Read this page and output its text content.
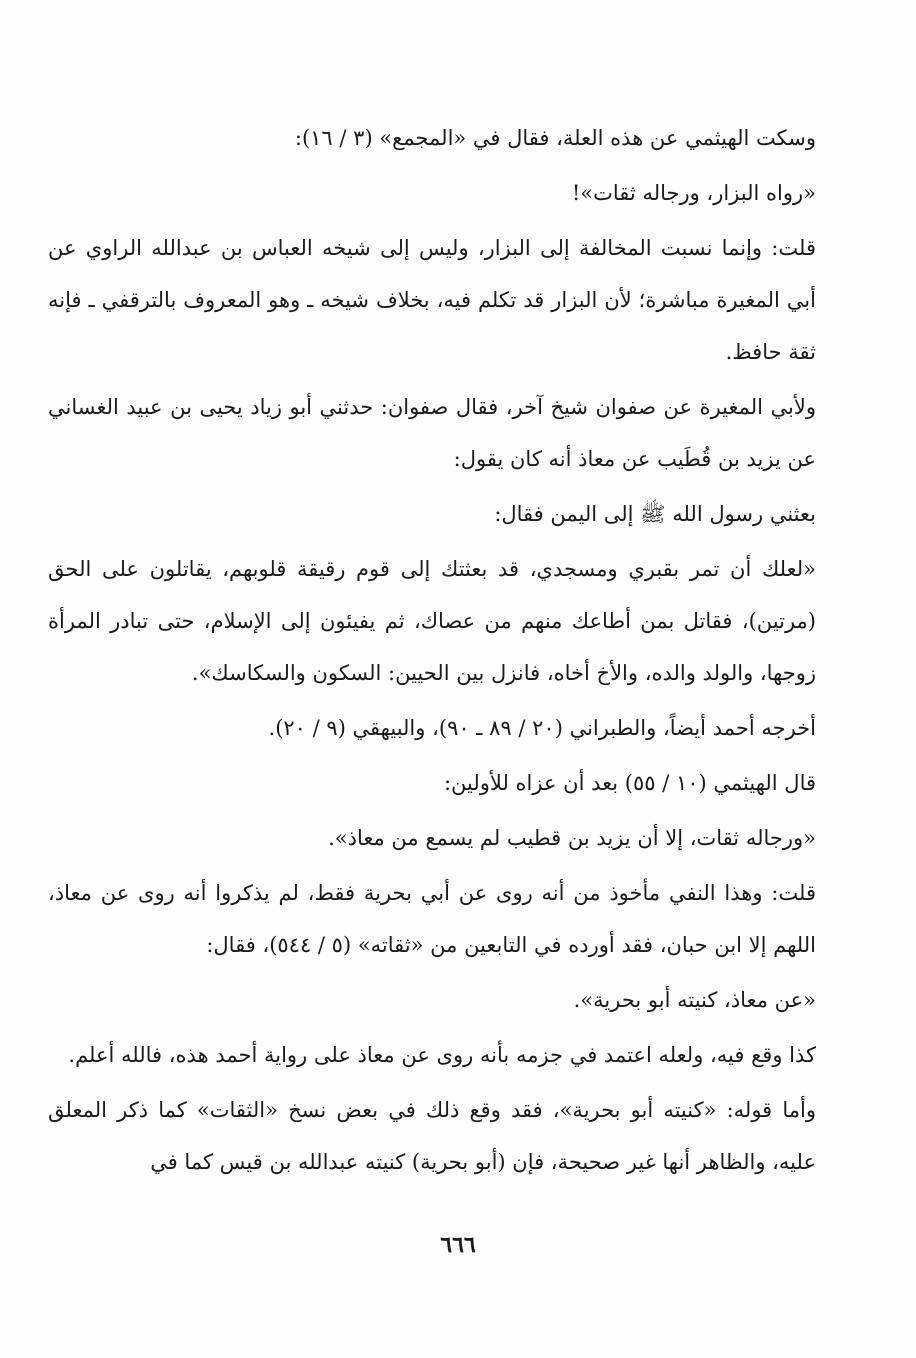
وسكت الهيثمي عن هذه العلة، فقال في «المجمع» (٣ / ١٦):

«رواه البزار، ورجاله ثقات»!

قلت: وإنما نسبت المخالفة إلى البزار، وليس إلى شيخه العباس بن عبدالله الراوي عن أبي المغيرة مباشرة؛ لأن البزار قد تكلم فيه، بخلاف شيخه ـ وهو المعروف بالترقفي ـ فإنه ثقة حافظ.

ولأبي المغيرة عن صفوان شيخ آخر، فقال صفوان: حدثني أبو زياد يحيى بن عبيد الغساني عن يزيد بن قُطَيب عن معاذ أنه كان يقول:

بعثني رسول الله ﷺ إلى اليمن فقال:

«لعلك أن تمر بقبري ومسجدي، قد بعثتك إلى قوم رقيقة قلوبهم، يقاتلون على الحق (مرتين)، فقاتل بمن أطاعك منهم من عصاك، ثم يفيئون إلى الإسلام، حتى تبادر المرأة زوجها، والولد والده، والأخ أخاه، فانزل بين الحيين: السكون والسكاسك».

أخرجه أحمد أيضاً، والطبراني (٢٠ / ٨٩ ـ ٩٠)، والبيهقي (٩ / ٢٠).

قال الهيثمي (١٠ / ٥٥) بعد أن عزاه للأولين:

«ورجاله ثقات، إلا أن يزيد بن قطيب لم يسمع من معاذ».

قلت: وهذا النفي مأخوذ من أنه روى عن أبي بحرية فقط، لم يذكروا أنه روى عن معاذ، اللهم إلا ابن حبان، فقد أورده في التابعين من «ثقاته» (٥ / ٥٤٤)، فقال:

«عن معاذ، كنيته أبو بحرية».

كذا وقع فيه، ولعله اعتمد في جزمه بأنه روى عن معاذ على رواية أحمد هذه، فالله أعلم.

وأما قوله: «كنيته أبو بحرية»، فقد وقع ذلك في بعض نسخ «الثقات» كما ذكر المعلق عليه، والظاهر أنها غير صحيحة، فإن (أبو بحرية) كنيته عبدالله بن قيس كما في

٦٦٦
